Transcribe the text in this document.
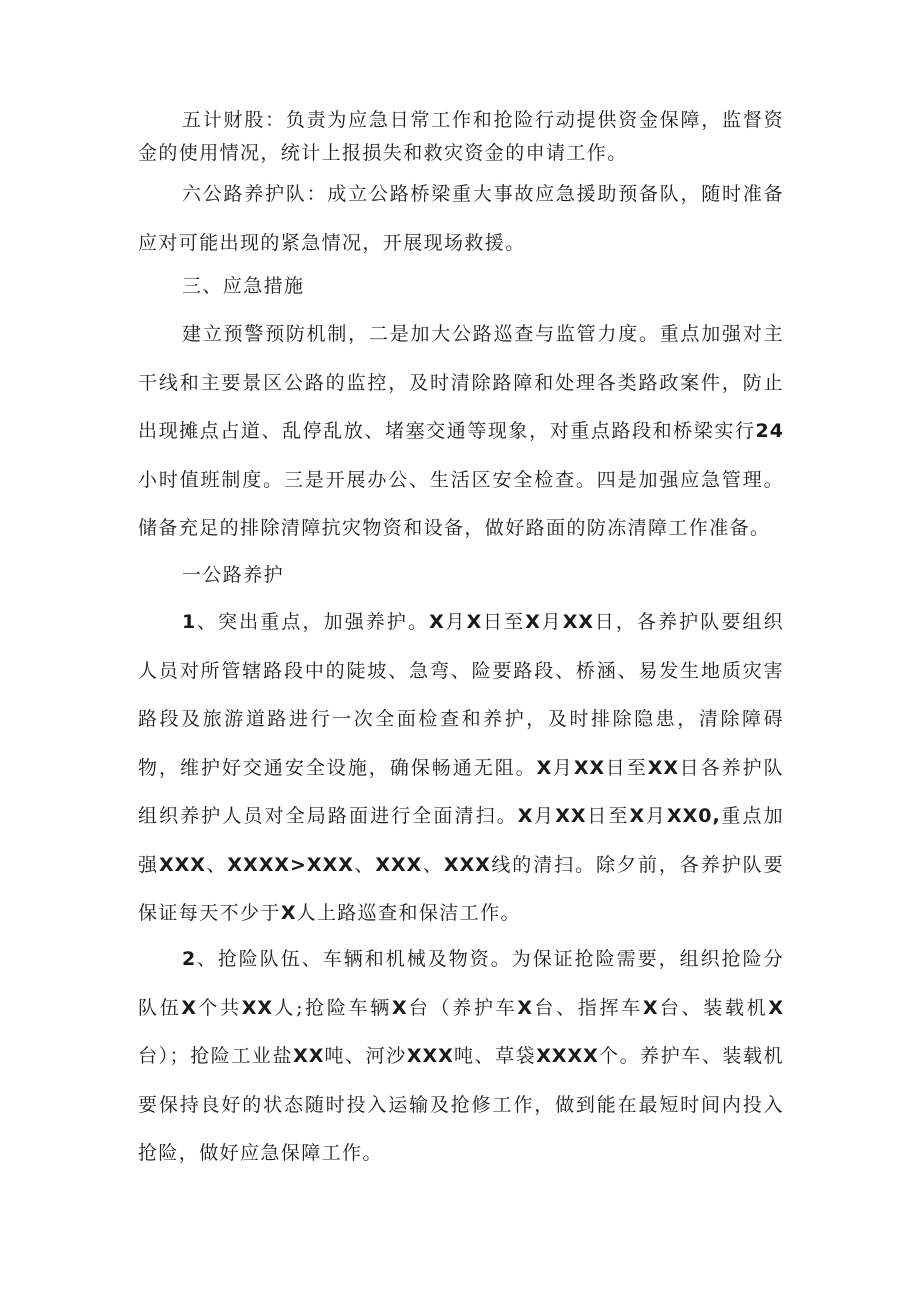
五计财股：负责为应急日常工作和抢险行动提供资金保障，监督资金的使用情况，统计上报损失和救灾资金的申请工作。

六公路养护队：成立公路桥梁重大事故应急援助预备队，随时准备应对可能出现的紧急情况，开展现场救援。

三、应急措施

建立预警预防机制，二是加大公路巡查与监管力度。重点加强对主干线和主要景区公路的监控，及时清除路障和处理各类路政案件，防止出现摊点占道、乱停乱放、堵塞交通等现象，对重点路段和桥梁实行24小时值班制度。三是开展办公、生活区安全检查。四是加强应急管理。储备充足的排除清障抗灾物资和设备，做好路面的防冻清障工作准备。

一公路养护

1、突出重点，加强养护。X月X日至X月XX日，各养护队要组织人员对所管辖路段中的陡坡、急弯、险要路段、桥涵、易发生地质灾害路段及旅游道路进行一次全面检查和养护，及时排除隐患，清除障碍物，维护好交通安全设施，确保畅通无阻。X月XX日至XX日各养护队组织养护人员对全局路面进行全面清扫。X月XX日至X月XX0,重点加强XXX、XXXX>XXX、XXX、XXX线的清扫。除夕前，各养护队要保证每天不少于X人上路巡查和保洁工作。

2、抢险队伍、车辆和机械及物资。为保证抢险需要，组织抢险分队伍X个共XX人;抢险车辆X台（养护车X台、指挥车X台、装载机X台）；抢险工业盐XX吨、河沙XXX吨、草袋XXXX个。养护车、装载机要保持良好的状态随时投入运输及抢修工作，做到能在最短时间内投入抢险，做好应急保障工作。
